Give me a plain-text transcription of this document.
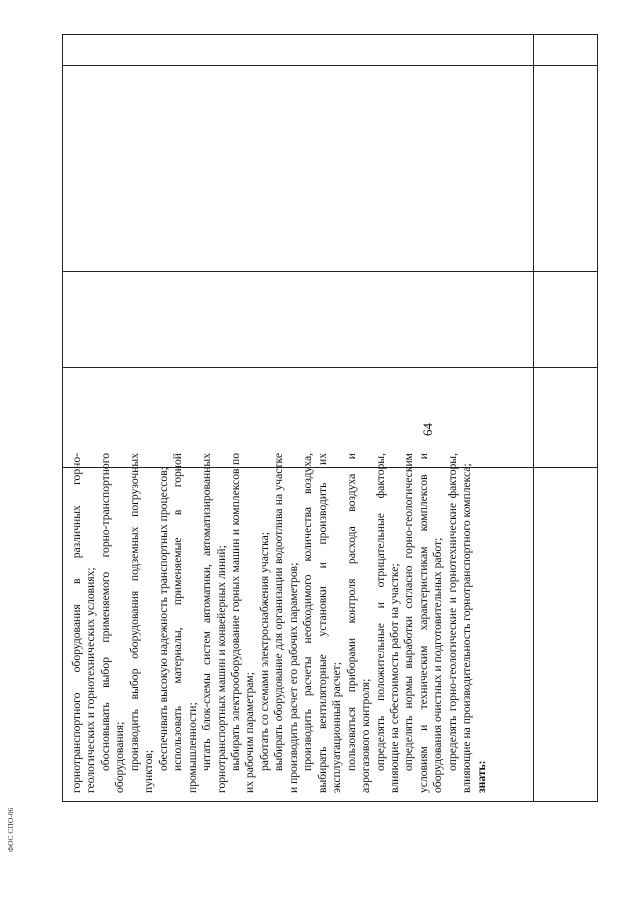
горнотранспортного оборудования в различных горно-геологических и горнотехнических условиях; обосновывать выбор применяемого горно-транспортного оборудования; производить выбор оборудования подземных погрузочных пунктов;

обеспечивать высокую надежность транспортных процессов; использовать материалы, применяемые в горной промышленности; читать блок-схемы систем автоматики, автоматизированных горнотранспортных машин и конвейерных линий; выбирать электрооборудование горных машин и комплексов по их рабочим параметрам; работать со схемами электроснабжения участка; выбирать оборудование для организации водоотлива на участке и производить расчет его рабочих параметров; производить расчеты необходимого количества воздуха, выбирать вентиляторные установки и производить их эксплуатационный расчет; пользоваться приборами контроля расхода воздуха и аэрогазового контроля; определять положительные и отрицательные факторы, влияющие на себестоимость работ на участке; определять нормы выработки согласно горно-геологическим условиям и техническим характеристикам комплексов и оборудования очистных и подготовительных работ; определять горно-геологические и горнотехнические факторы, влияющие на производительность горнотранспортного комплекса; знать:

64
ФОС СПО-06
